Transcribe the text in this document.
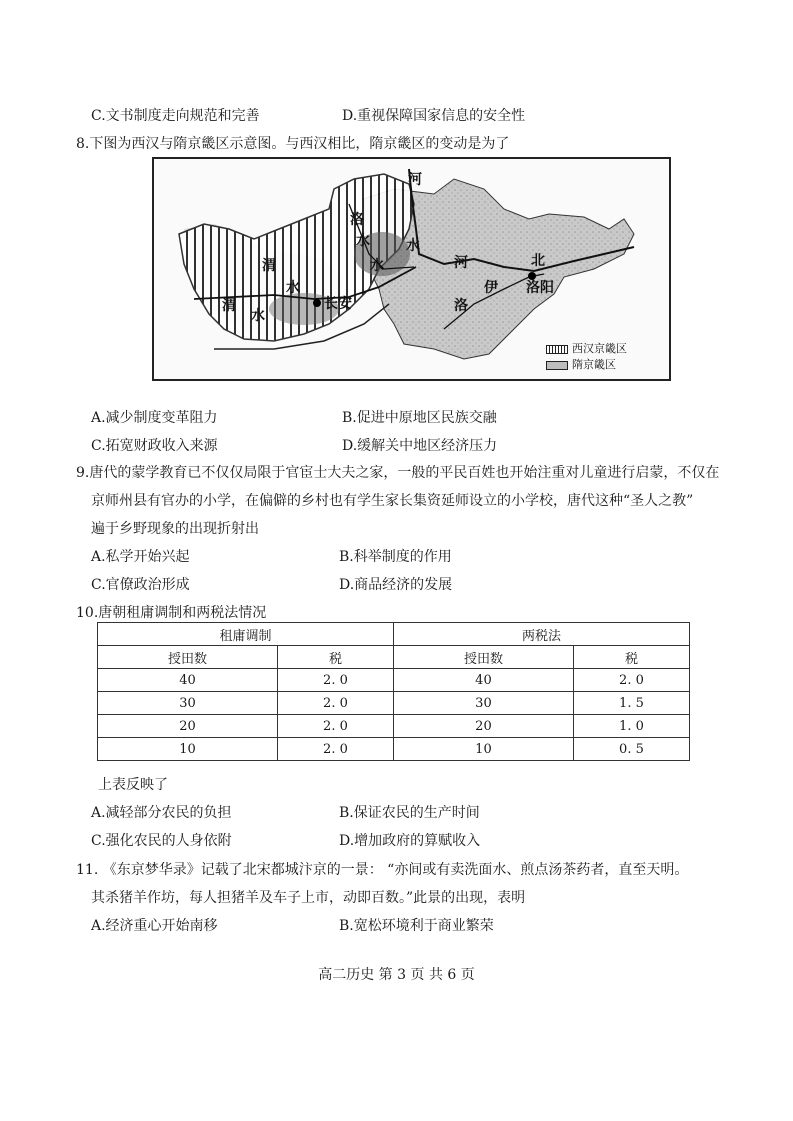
C.文书制度走向规范和完善	D.重视保障国家信息的安全性
8.下图为西汉与隋京畿区示意图。与西汉相比，隋京畿区的变动是为了
河
洛
水	水
水	河	北
渭
水
渭
水
长安	洛
伊 洛阳
西汉京畿区
隋京畿区
A.减少制度变革阻力	B.促进中原地区民族交融
C.拓宽财政收入来源	D.缓解关中地区经济压力
9.唐代的蒙学教育已不仅仅局限于官宦士大夫之家，一般的平民百姓也开始注重对儿童进行启蒙，不仅在
京师州县有官办的小学，在偏僻的乡村也有学生家长集资延师设立的小学校，唐代这种“圣人之教”
遍于乡野现象的出现折射出
A.私学开始兴起	B.科举制度的作用
C.官僚政治形成	D.商品经济的发展
10.唐朝租庸调制和两税法情况
租庸调制		两税法	
授田数	税	授田数	税
40	2. 0	40	2. 0
30	2. 0	30	1. 5
20	2. 0	20	1. 0
10	2. 0	10	0. 5
上表反映了
A.减轻部分农民的负担	B.保证农民的生产时间
C.强化农民的人身依附	D.增加政府的算赋收入
11. 《东京梦华录》记载了北宋都城汴京的一景： “亦间或有卖洗面水、煎点汤茶药者，直至天明。
其杀猪羊作坊，每人担猪羊及车子上市，动即百数。”此景的出现，表明
A.经济重心开始南移	B.宽松环境利于商业繁荣
高二历史 第 3 页 共 6 页
